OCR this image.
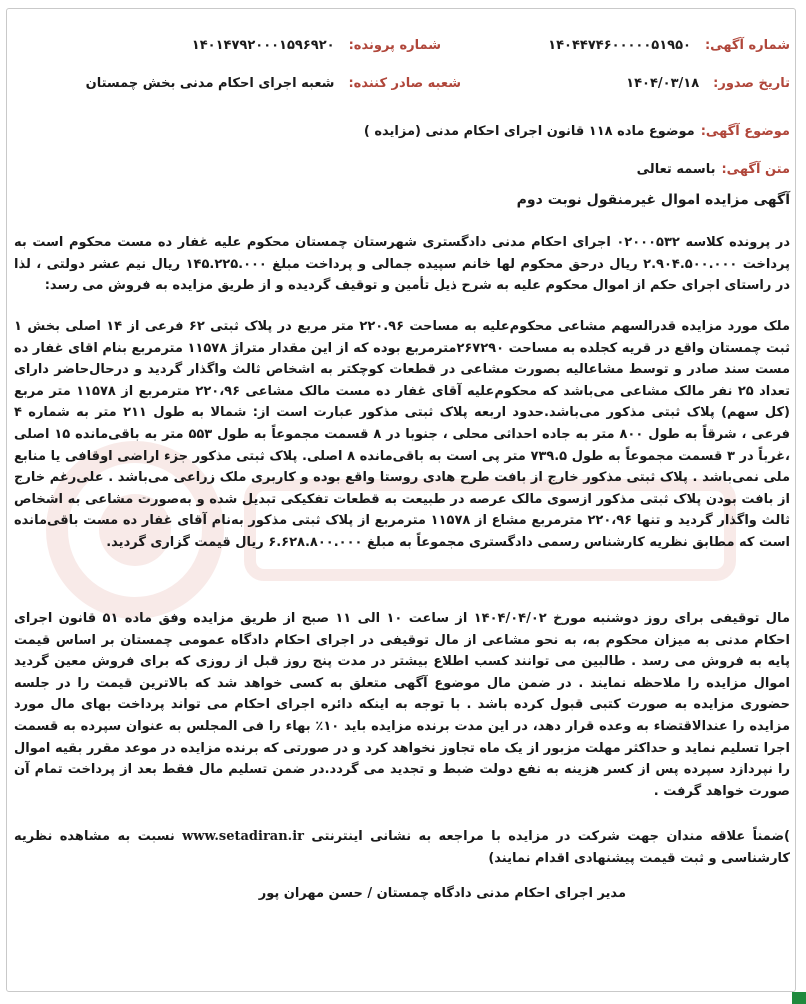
شماره آگهی:
۱۴۰۴۴۷۴۶۰۰۰۰۰۵۱۹۵۰
شماره پرونده:
۱۴۰۱۴۷۹۲۰۰۰۱۵۹۶۹۲۰
تاریخ صدور:
۱۴۰۴/۰۳/۱۸
شعبه صادر کننده:
شعبه اجرای احکام مدنی بخش چمستان
موضوع آگهی:
موضوع ماده ۱۱۸ قانون اجرای احکام مدنی (مزایده )
متن آگهی:
باسمه تعالی
آگهی مزایده اموال غیرمنقول نوبت دوم

در پرونده کلاسه ۰۲۰۰۰۵۳۲ اجرای احکام مدنی دادگستری شهرستان چمستان محکوم علیه غفار ده مست محکوم است به پرداخت ۲.۹۰۴.۵۰۰.۰۰۰ ریال درحق محکوم لها خانم سپیده جمالی و پرداخت مبلغ ۱۴۵.۲۲۵.۰۰۰ ریال نیم عشر دولتی ، لذا در راستای اجرای حکم از اموال محکوم علیه به شرح ذیل تأمین و توقیف گردیده و از طریق مزایده به فروش می رسد:

ملک مورد مزایده قدرالسهم مشاعی محکوم‌علیه به مساحت ۲۲۰.۹۶ متر مربع در پلاک ثبتی ۶۲ فرعی از ۱۴ اصلی بخش ۱ ثبت چمستان واقع در قریه کجلده به مساحت ۲۶۷۲۹۰مترمربع بوده که از این مقدار متراژ ۱۱۵۷۸ مترمربع بنام اقای غفار ده مست سند صادر و توسط مشاعالیه بصورت مشاعی در قطعات کوچکتر به اشخاص ثالث واگذار گردید و درحال‌حاضر دارای تعداد ۲۵ نفر مالک مشاعی می‌باشد که محکوم‌علیه آقای غفار ده مست مالک مشاعی ۲۲۰،۹۶ مترمربع از ۱۱۵۷۸ متر مربع (کل سهم) پلاک ثبتی مذکور می‌باشد.حدود اربعه پلاک ثبتی مذکور عبارت است از: شمالا به طول ۲۱۱ متر به شماره ۴ فرعی ، شرقاً به طول ۸۰۰ متر به جاده احداثی محلی ، جنوبا در ۸ قسمت مجموعاً به طول ۵۵۳ متر به باقی‌مانده ۱۵ اصلی ،غرباً در ۳ قسمت مجموعاً به طول ۷۳۹.۵ متر پی است به باقی‌مانده ۸ اصلی. پلاک ثبتی مذکور جزء اراضی اوقافی یا منابع ملی نمی‌باشد . پلاک ثبتی مذکور خارج از بافت طرح هادی روستا واقع بوده و کاربری ملک زراعی می‌باشد . علی‌رغم خارج از بافت بودن پلاک ثبتی مذکور ازسوی مالک عرصه در طبیعت به قطعات تفکیکی تبدیل شده و به‌صورت مشاعی به اشخاص ثالث واگذار گردید و تنها ۲۲۰،۹۶ مترمربع مشاع از ۱۱۵۷۸ مترمربع از پلاک ثبتی مذکور به‌نام آقای غفار ده مست باقی‌مانده است که مطابق نظریه کارشناس رسمی دادگستری مجموعاً به مبلغ ۶.۶۲۸.۸۰۰.۰۰۰ ریال قیمت گزاری گردید.

مال توقیفی برای روز دوشنبه مورخ ۱۴۰۴/۰۴/۰۲ از ساعت ۱۰ الی ۱۱ صبح از طریق مزایده وفق ماده ۵۱ قانون اجرای احکام مدنی به میزان محکوم به، به نحو مشاعی از مال توقیفی در اجرای احکام دادگاه عمومی چمستان بر اساس قیمت پایه به فروش می رسد . طالبین می توانند کسب اطلاع بیشتر در مدت پنج روز قبل از روزی که برای فروش معین گردید اموال مزایده را ملاحظه نمایند . در ضمن مال موضوع آگهی متعلق به کسی خواهد شد که بالاترین قیمت را در جلسه حضوری مزایده به صورت کتبی قبول کرده باشد . با توجه به اینکه دائره اجرای احکام می تواند پرداخت بهای مال مورد مزایده را عندالاقتضاء به وعده قرار دهد، در این مدت برنده مزایده باید ۱۰٪ بهاء را فی المجلس به عنوان سپرده به قسمت اجرا تسلیم نماید و حداکثر مهلت مزبور از یک ماه تجاوز نخواهد کرد و در صورتی که برنده مزایده در موعد مقرر بقیه اموال را نپردازد سپرده پس از کسر هزینه به نفع دولت ضبط و تجدید می گردد.در ضمن تسلیم مال فقط بعد از پرداخت تمام آن صورت خواهد گرفت .

)ضمناً علاقه مندان جهت شرکت در مزایده با مراجعه به نشانی اینترنتی www.setadiran.ir نسبت به مشاهده نظریه کارشناسی و ثبت قیمت پیشنهادی اقدام نمایند)

مدیر اجرای احکام مدنی دادگاه چمستان / حسن مهران پور
